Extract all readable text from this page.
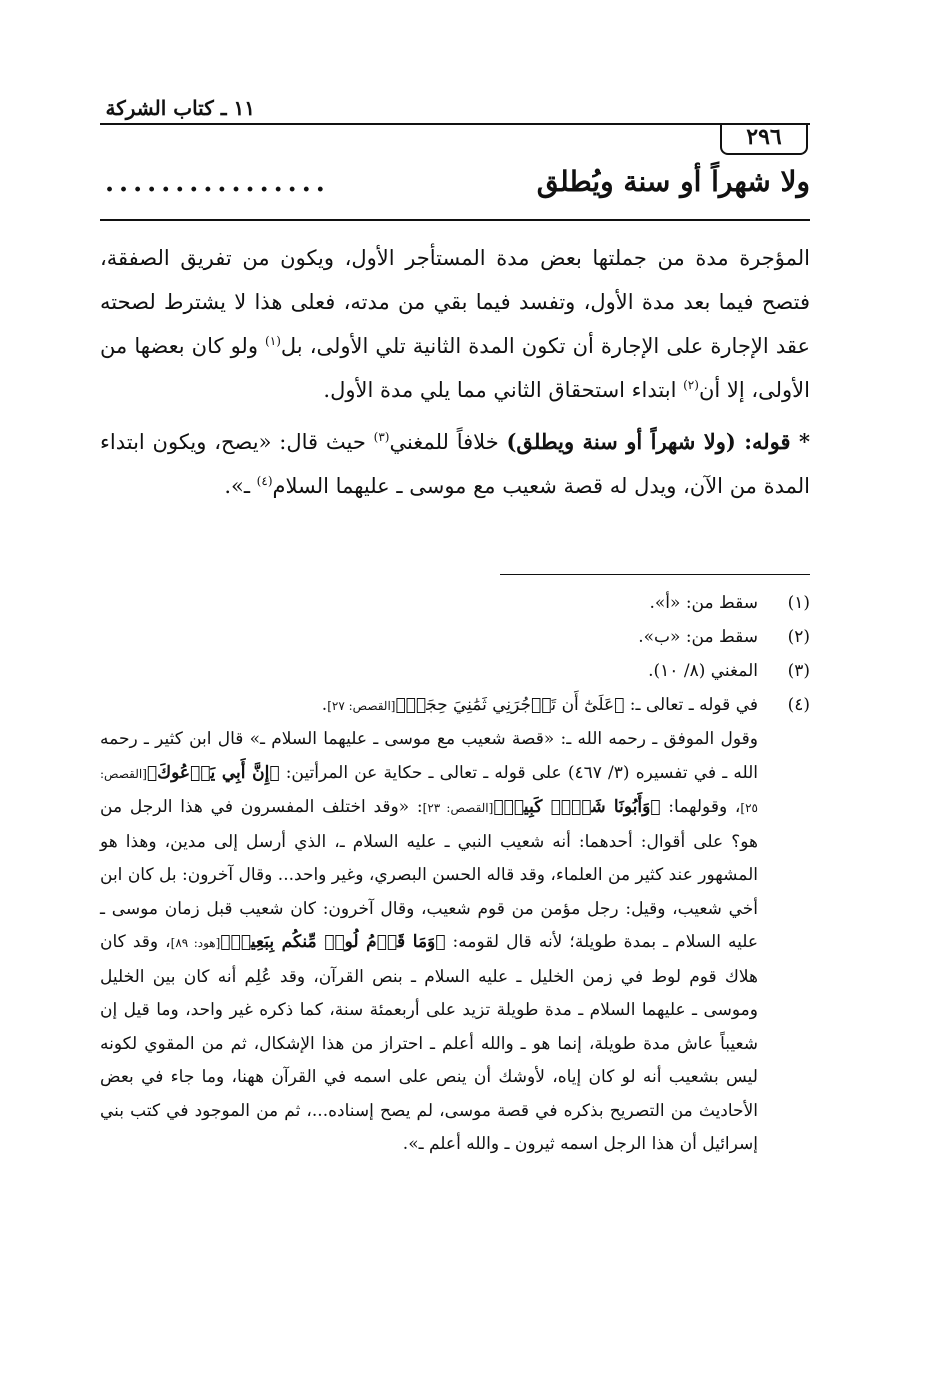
١١ ـ كتاب الشركة
٢٩٦
ولا شهراً أو سنة ويُطلق
................

المؤجرة مدة من جملتها بعض مدة المستأجر الأول، ويكون من تفريق الصفقة، فتصح فيما بعد مدة الأول، وتفسد فيما بقي من مدته، فعلى هذا لا يشترط لصحته عقد الإجارة على الإجارة أن تكون المدة الثانية تلي الأولى، بل$^{(١)}$ ولو كان بعضها من الأولى، إلا أن$^{(٢)}$ ابتداء استحقاق الثاني مما يلي مدة الأول.

* قوله: (ولا شهراً أو سنة ويطلق) خلافاً للمغني$^{(٣)}$ حيث قال: «يصح، ويكون ابتداء المدة من الآن، ويدل له قصة شعيب مع موسى ـ عليهما السلام$^{(٤)}$ ـ».

(١)
سقط من: «أ».
(٢)
سقط من: «ب».
(٣)
المغني (٨/ ١٠).
(٤)
في قوله ـ تعالى ـ: ﴿عَلَىٰٓ أَن تَأۡجُرَنِي ثَمَٰنِيَ حِجَجٖ﴾[القصص: ٢٧].
وقول الموفق ـ رحمه الله ـ: «قصة شعيب مع موسى ـ عليهما السلام ـ» قال ابن كثير ـ رحمه الله ـ في تفسيره (٣/ ٤٦٧) على قوله ـ تعالى ـ حكاية عن المرأتين: ﴿إِنَّ أَبِي يَدۡعُوكَ﴾[القصص: ٢٥]، وقولهما: ﴿وَأَبُونَا شَيۡخٞ كَبِيرٞ﴾[القصص: ٢٣]: «وقد اختلف المفسرون في هذا الرجل من هو؟ على أقوال: أحدهما: أنه شعيب النبي ـ عليه السلام ـ، الذي أرسل إلى مدين، وهذا هو المشهور عند كثير من العلماء، وقد قاله الحسن البصري، وغير واحد... وقال آخرون: بل كان ابن أخي شعيب، وقيل: رجل مؤمن من قوم شعيب، وقال آخرون: كان شعيب قبل زمان موسى ـ عليه السلام ـ بمدة طويلة؛ لأنه قال لقومه: ﴿وَمَا قَوۡمُ لُوطٖ مِّنكُم بِبَعِيدٖ﴾[هود: ٨٩]، وقد كان هلاك قوم لوط في زمن الخليل ـ عليه السلام ـ بنص القرآن، وقد عُلِم أنه كان بين الخليل وموسى ـ عليهما السلام ـ مدة طويلة تزيد على أربعمئة سنة، كما ذكره غير واحد، وما قيل إن شعيباً عاش مدة طويلة، إنما هو ـ والله أعلم ـ احتراز من هذا الإشكال، ثم من المقوي لكونه ليس بشعيب أنه لو كان إياه، لأوشك أن ينص على اسمه في القرآن ههنا، وما جاء في بعض الأحاديث من التصريح بذكره في قصة موسى، لم يصح إسناده...، ثم من الموجود في كتب بني إسرائيل أن هذا الرجل اسمه ثيرون ـ والله أعلم ـ».
